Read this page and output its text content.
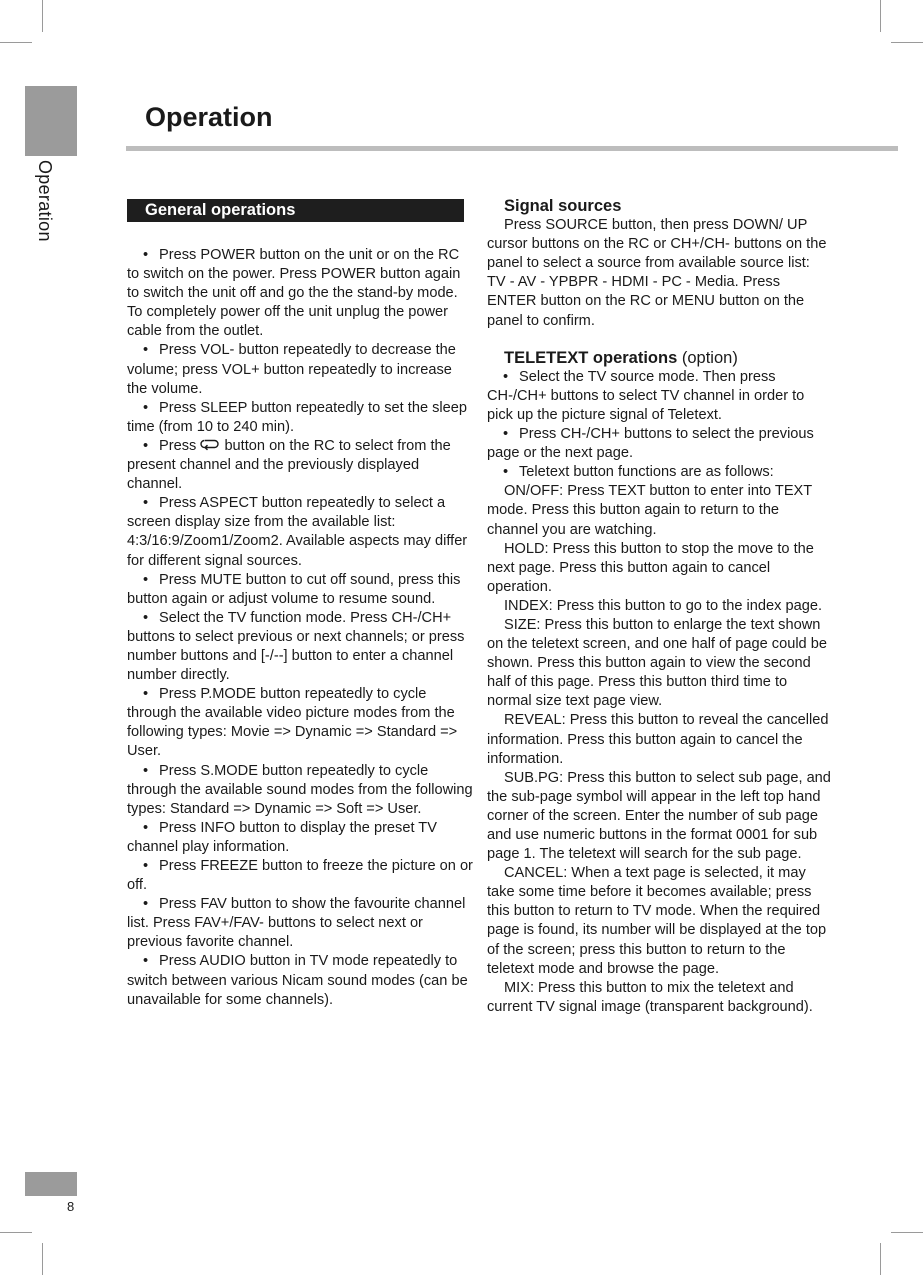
Operation
Operation
General operations

• Press POWER button on the unit or on the RC to switch on the power. Press POWER button again to switch the unit off and go the the stand-by mode. To completely power off the unit unplug the power cable from the outlet.

• Press VOL- button repeatedly to decrease the volume; press VOL+ button repeatedly to increase the volume.

• Press SLEEP button repeatedly to set the sleep time (from 10 to 240 min).

• Press button on the RC to select from the present channel and the previously displayed channel.

• Press ASPECT button repeatedly to select a screen display size from the available list: 4:3/16:9/Zoom1/Zoom2. Available aspects may differ for different signal sources.

• Press MUTE button to cut off sound, press this button again or adjust volume to resume sound.

• Select the TV function mode. Press CH-/CH+ buttons to select previous or next channels; or press number buttons and [-/--] button to enter a channel number directly.

• Press P.MODE button repeatedly to cycle through the available video picture modes from the following types: Movie => Dynamic => Standard => User.

• Press S.MODE button repeatedly to cycle through the available sound modes from the following types: Standard => Dynamic => Soft => User.

• Press INFO button to display the preset TV channel play information.

• Press FREEZE button to freeze the picture on or off.

• Press FAV button to show the favourite channel list. Press FAV+/FAV- buttons to select next or previous favorite channel.

• Press AUDIO button in TV mode repeatedly to switch between various Nicam sound modes (can be unavailable for some channels).

Signal sources

Press SOURCE button, then press DOWN/ UP cursor buttons on the RC or CH+/CH- buttons on the panel to select a source from available source list: TV - AV - YPBPR - HDMI - PC - Media. Press ENTER button on the RC or MENU button on the panel to confirm.

TELETEXT operations (option)

• Select the TV source mode. Then press CH-/CH+ buttons to select TV channel in order to pick up the picture signal of Teletext.

• Press CH-/CH+ buttons to select the previous page or the next page.

• Teletext button functions are as follows:

ON/OFF: Press TEXT button to enter into TEXT mode. Press this button again to return to the channel you are watching.

HOLD: Press this button to stop the move to the next page. Press this button again to cancel operation.

INDEX: Press this button to go to the index page.

SIZE: Press this button to enlarge the text shown on the teletext screen, and one half of page could be shown. Press this button again to view the second half of this page. Press this button third time to normal size text page view.

REVEAL: Press this button to reveal the cancelled information. Press this button again to cancel the information.

SUB.PG: Press this button to select sub page, and the sub-page symbol will appear in the left top hand corner of the screen. Enter the number of sub page and use numeric buttons in the format 0001 for sub page 1. The teletext will search for the sub page.

CANCEL: When a text page is selected, it may take some time before it becomes available; press this button to return to TV mode. When the required page is found, its number will be displayed at the top of the screen; press this button to return to the teletext mode and browse the page.

MIX: Press this button to mix the teletext and current TV signal image (transparent background).

8
